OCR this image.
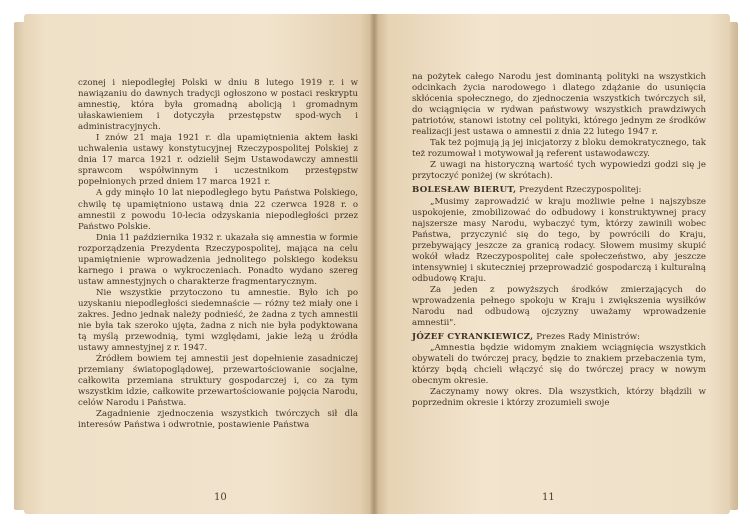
czonej i niepodległej Polski w dniu 8 lutego 1919 r. i w nawiązaniu do dawnych tradycji ogłoszono w postaci reskryptu amnestię, która była gromadną abolicją i gromadnym ułaskawieniem i dotyczyła przestępstw spod-wych i administracyjnych.

I znów 21 maja 1921 r. dla upamiętnienia aktem łaski uchwalenia ustawy konstytucyjnej Rzeczypospolitej Polskiej z dnia 17 marca 1921 r. odzielił Sejm Ustawodawczy amnestii sprawcom współwinnym i uczestnikom przestępstw popełnionych przed dniem 17 marca 1921 r.

A gdy minęło 10 lat niepodległego bytu Państwa Polskiego, chwilę tę upamiętniono ustawą dnia 22 czerwca 1928 r. o amnestii z powodu 10-lecia odzyskania niepodległości przez Państwo Polskie.

Dnia 11 października 1932 r. ukazała się amnestia w formie rozporządzenia Prezydenta Rzeczypospolitej, mająca na celu upamiętnienie wprowadzenia jednolitego polskiego kodeksu karnego i prawa o wykroczeniach. Ponadto wydano szereg ustaw amnestyjnych o charakterze fragmentarycznym.

Nie wszystkie przytoczono tu amnestie. Było ich po uzyskaniu niepodległości siedemnaście — różny też miały one i zakres. Jedno jednak należy podnieść, że żadna z tych amnestii nie była tak szeroko ujęta, żadna z nich nie była podyktowana tą myślą przewodnią, tymi względami, jakie leżą u źródła ustawy amnestyjnej z r. 1947.

Źródłem bowiem tej amnestii jest dopełnienie zasadniczej przemiany światopoglądowej, przewartościowanie socjalne, całkowita przemiana struktury gospodarczej i, co za tym wszystkim idzie, całkowite przewartościowanie pojęcia Narodu, celów Narodu i Państwa.

Zagadnienie zjednoczenia wszystkich twórczych sił dla interesów Państwa i odwrotnie, postawienie Państwa

10

na pożytek całego Narodu jest dominantą polityki na wszystkich odcinkach życia narodowego i dlatego zdążanie do usunięcia skłócenia społecznego, do zjednoczenia wszystkich twórczych sił, do wciągnięcia w rydwan państwowy wszystkich prawdziwych patriotów, stanowi istotny cel polityki, którego jednym ze środków realizacji jest ustawa o amnestii z dnia 22 lutego 1947 r.

Tak też pojmują ją jej inicjatorzy z bloku demokratycznego, tak też rozumował i motywował ją referent ustawodawczy.

Z uwagi na historyczną wartość tych wypowiedzi godzi się je przytoczyć poniżej (w skrótach).

BOLESŁAW BIERUT, Prezydent Rzeczypospolitej:

„Musimy zaprowadzić w kraju możliwie pełne i najszybsze uspokojenie, zmobilizować do odbudowy i konstruktywnej pracy najszersze masy Narodu, wybaczyć tym, którzy zawinili wobec Państwa, przyczynić się do tego, by powrócili do Kraju, przebywający jeszcze za granicą rodacy. Słowem musimy skupić wokół władz Rzeczypospolitej całe społeczeństwo, aby jeszcze intensywniej i skuteczniej przeprowadzić gospodarczą i kulturalną odbudowę Kraju.

Za jeden z powyższych środków zmierzających do wprowadzenia pełnego spokoju w Kraju i zwiększenia wysiłków Narodu nad odbudową ojczyzny uważamy wprowadzenie amnestii".

JÓZEF CYRANKIEWICZ, Prezes Rady Ministrów:

„Amnestia będzie widomym znakiem wciągnięcia wszystkich obywateli do twórczej pracy, będzie to znakiem przebaczenia tym, którzy będą chcieli włączyć się do twórczej pracy w nowym obecnym okresie.

Zaczynamy nowy okres. Dla wszystkich, którzy błądzili w poprzednim okresie i którzy zrozumieli swoje

11
